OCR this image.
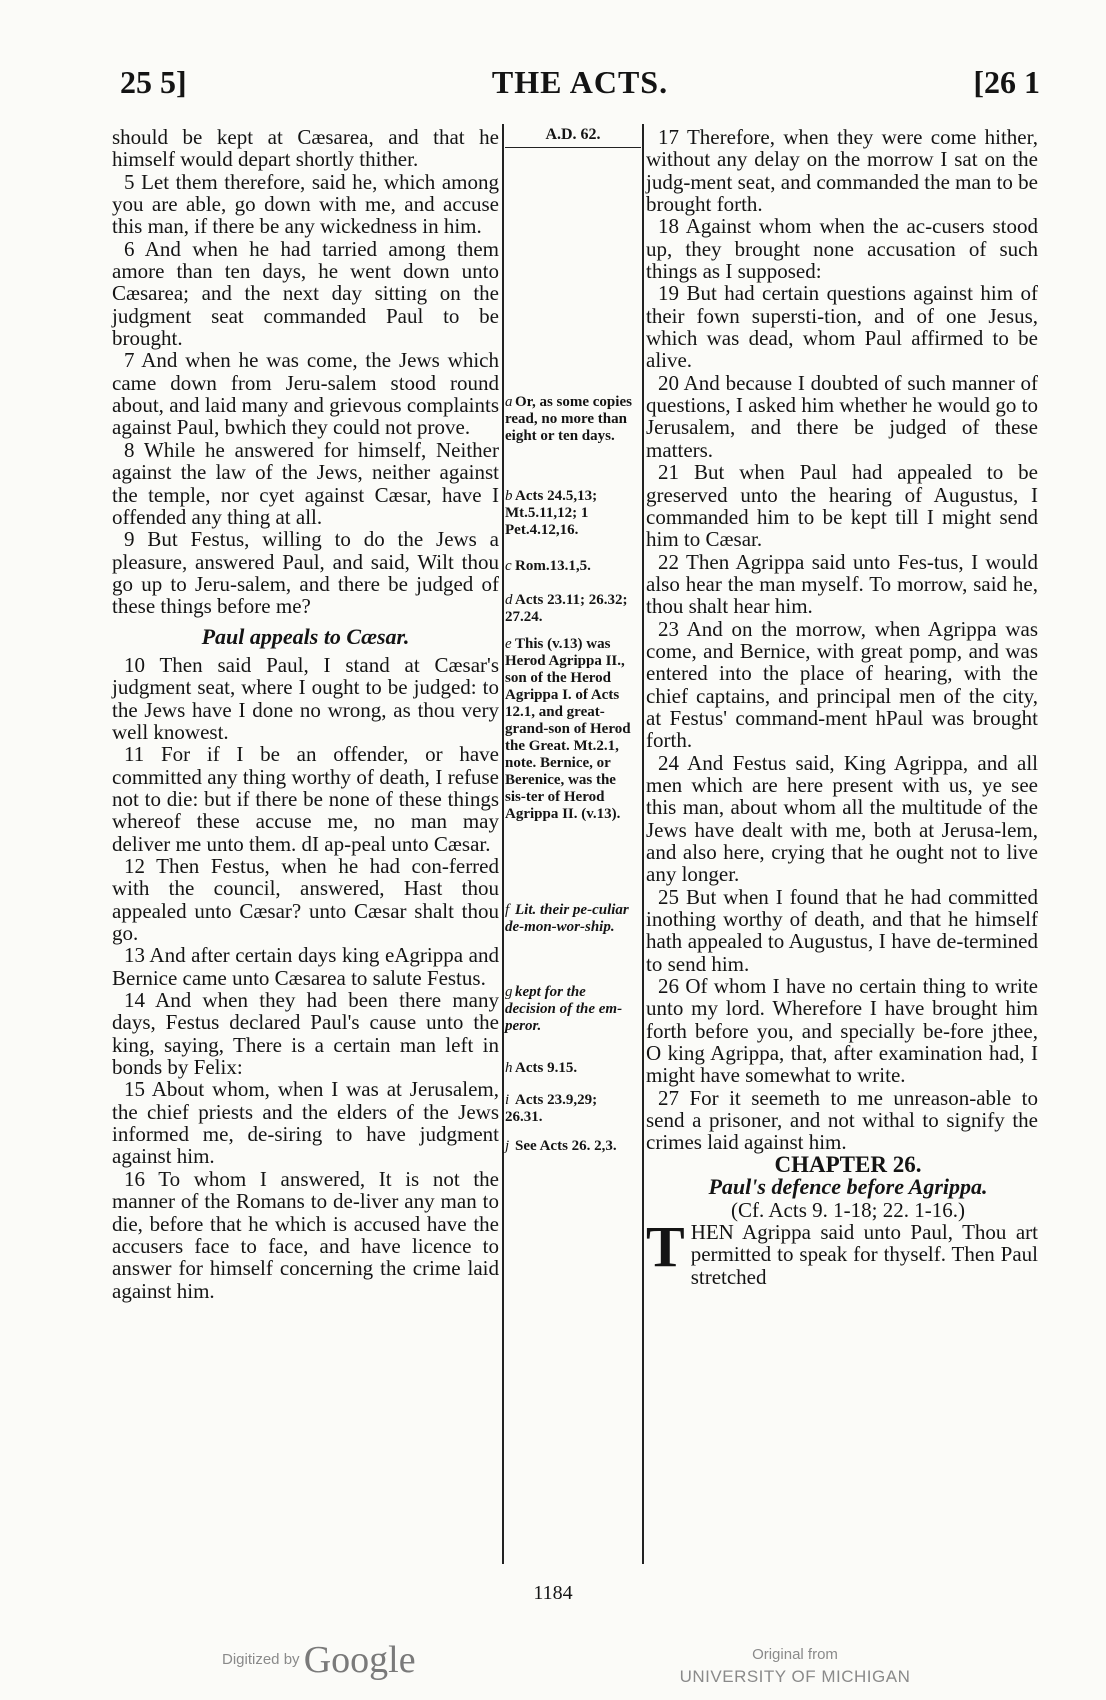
25 5]	THE ACTS.	[26 1

should be kept at Cæsarea, and that he himself would depart shortly thither.

5 Let them therefore, said he, which among you are able, go down with me, and accuse this man, if there be any wickedness in him.

6 And when he had tarried among them amore than ten days, he went down unto Cæsarea; and the next day sitting on the judgment seat commanded Paul to be brought.

7 And when he was come, the Jews which came down from Jeru-salem stood round about, and laid many and grievous complaints against Paul, bwhich they could not prove.

8 While he answered for himself, Neither against the law of the Jews, neither against the temple, nor cyet against Cæsar, have I offended any thing at all.

9 But Festus, willing to do the Jews a pleasure, answered Paul, and said, Wilt thou go up to Jeru-salem, and there be judged of these things before me?

Paul appeals to Cæsar.

10 Then said Paul, I stand at Cæsar's judgment seat, where I ought to be judged: to the Jews have I done no wrong, as thou very well knowest.

11 For if I be an offender, or have committed any thing worthy of death, I refuse not to die: but if there be none of these things whereof these accuse me, no man may deliver me unto them. dI ap-peal unto Cæsar.

12 Then Festus, when he had con-ferred with the council, answered, Hast thou appealed unto Cæsar? unto Cæsar shalt thou go.

13 And after certain days king eAgrippa and Bernice came unto Cæsarea to salute Festus.

14 And when they had been there many days, Festus declared Paul's cause unto the king, saying, There is a certain man left in bonds by Felix:

15 About whom, when I was at Jerusalem, the chief priests and the elders of the Jews informed me, de-siring to have judgment against him.

16 To whom I answered, It is not the manner of the Romans to de-liver any man to die, before that he which is accused have the accusers face to face, and have licence to answer for himself concerning the crime laid against him.

A.D. 62.
a Or, as some copies read, no more than eight or ten days.
b Acts 24.5,13; Mt.5.11,12; 1 Pet.4.12,16.
c Rom.13.1,5.
d Acts 23.11; 26.32; 27.24.
e This (v.13) was Herod Agrippa II., son of the Herod Agrippa I. of Acts 12.1, and great-grand-son of Herod the Great. Mt.2.1, note. Bernice, or Berenice, was the sis-ter of Herod Agrippa II. (v.13).
f Lit. their pe-culiar de-mon-wor-ship.
g kept for the decision of the em-peror.
h Acts 9.15.
i Acts 23.9,29; 26.31.
j See Acts 26. 2,3.

17 Therefore, when they were come hither, without any delay on the morrow I sat on the judg-ment seat, and commanded the man to be brought forth.

18 Against whom when the ac-cusers stood up, they brought none accusation of such things as I supposed:

19 But had certain questions against him of their fown supersti-tion, and of one Jesus, which was dead, whom Paul affirmed to be alive.

20 And because I doubted of such manner of questions, I asked him whether he would go to Jerusalem, and there be judged of these matters.

21 But when Paul had appealed to be greserved unto the hearing of Augustus, I commanded him to be kept till I might send him to Cæsar.

22 Then Agrippa said unto Fes-tus, I would also hear the man myself. To morrow, said he, thou shalt hear him.

23 And on the morrow, when Agrippa was come, and Bernice, with great pomp, and was entered into the place of hearing, with the chief captains, and principal men of the city, at Festus' command-ment hPaul was brought forth.

24 And Festus said, King Agrippa, and all men which are here present with us, ye see this man, about whom all the multitude of the Jews have dealt with me, both at Jerusa-lem, and also here, crying that he ought not to live any longer.

25 But when I found that he had committed inothing worthy of death, and that he himself hath appealed to Augustus, I have de-termined to send him.

26 Of whom I have no certain thing to write unto my lord. Wherefore I have brought him forth before you, and specially be-fore jthee, O king Agrippa, that, after examination had, I might have somewhat to write.

27 For it seemeth to me unreason-able to send a prisoner, and not withal to signify the crimes laid against him.

CHAPTER 26.

Paul's defence before Agrippa.

(Cf. Acts 9. 1-18; 22. 1-16.)

THEN Agrippa said unto Paul, Thou art permitted to speak for thyself. Then Paul stretched

1184
Digitized by Google	Original from
UNIVERSITY OF MICHIGAN
